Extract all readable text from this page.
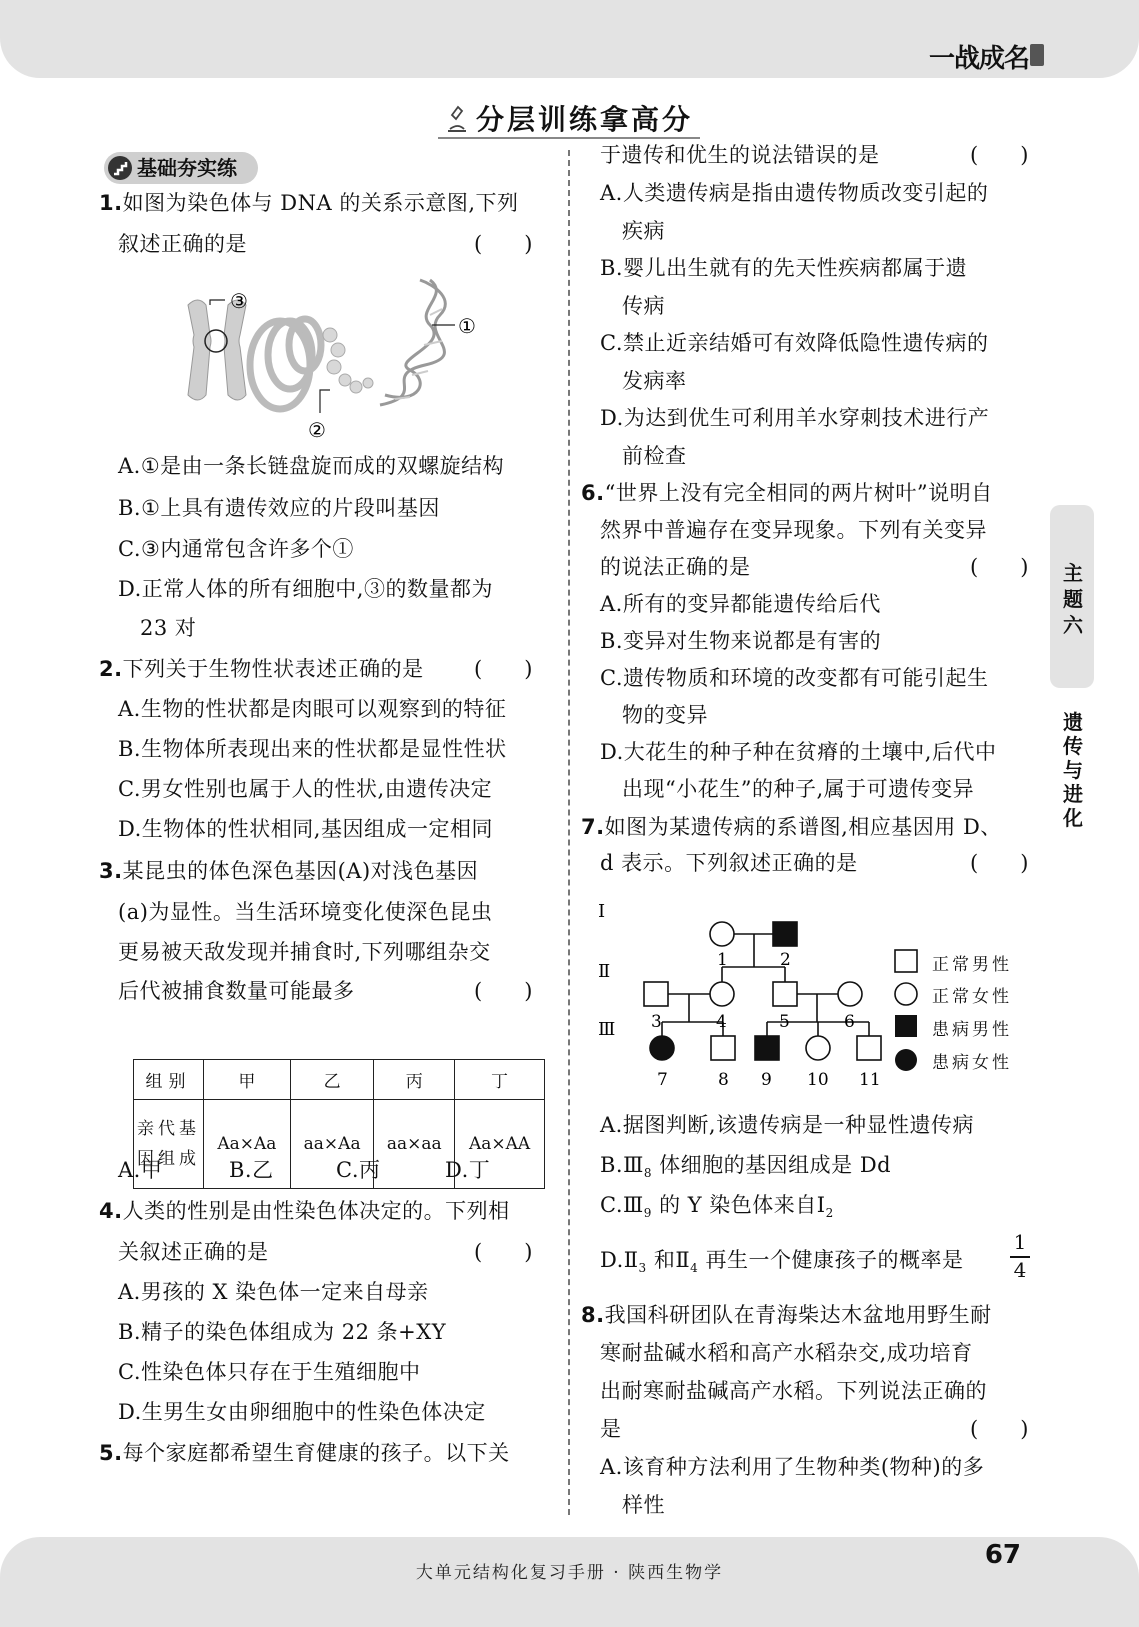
一战成名
大单元结构化复习手册 · 陕西生物学
67
分层训练拿高分
主
题
六
遗
传
与
进
化
基础夯实练
1.如图为染色体与 DNA 的关系示意图,下列
叙述正确的是	(　　)
③
①
②
A.①是由一条长链盘旋而成的双螺旋结构
B.①上具有遗传效应的片段叫基因
C.③内通常包含许多个①
D.正常人体的所有细胞中,③的数量都为
23 对
2.下列关于生物性状表述正确的是 (　　)
A.生物的性状都是肉眼可以观察到的特征
B.生物体所表现出来的性状都是显性性状
C.男女性别也属于人的性状,由遗传决定
D.生物体的性状相同,基因组成一定相同
3.某昆虫的体色深色基因(A)对浅色基因
(a)为显性。当生活环境变化使深色昆虫
更易被天敌发现并捕食时,下列哪组杂交
后代被捕食数量可能最多	(　　)
组别	甲	乙	丙	丁

亲代基
因组成	Aa×Aa	aa×Aa	aa×aa	Aa×AA
A.甲	B.乙	C.丙	D.丁
4.人类的性别是由性染色体决定的。下列相
关叙述正确的是	(　　)
A.男孩的 X 染色体一定来自母亲
B.精子的染色体组成为 22 条+XY
C.性染色体只存在于生殖细胞中
D.生男生女由卵细胞中的性染色体决定
5.每个家庭都希望生育健康的孩子。以下关
于遗传和优生的说法错误的是	(　　)
A.人类遗传病是指由遗传物质改变引起的
疾病
B.婴儿出生就有的先天性疾病都属于遗
传病
C.禁止近亲结婚可有效降低隐性遗传病的
发病率
D.为达到优生可利用羊水穿刺技术进行产
前检查
6.“世界上没有完全相同的两片树叶”说明自
然界中普遍存在变异现象。下列有关变异
的说法正确的是	(　　)
A.所有的变异都能遗传给后代
B.变异对生物来说都是有害的
C.遗传物质和环境的改变都有可能引起生
物的变异
D.大花生的种子种在贫瘠的土壤中,后代中
出现“小花生”的种子,属于可遗传变异
7.如图为某遗传病的系谱图,相应基因用 D、
d 表示。下列叙述正确的是	(　　)
Ⅰ
Ⅱ
Ⅲ
1	2
3	4	5	6
7	8 9 10 11
正常男性
正常女性
患病男性
患病女性
A.据图判断,该遗传病是一种显性遗传病
$B.Ⅲ_8$ 体细胞的基因组成是 Dd
$C.Ⅲ_9$ 的 Y 染色体来自$Ⅰ_2$
$D.Ⅱ_3$ 和$Ⅱ_4$ 再生一个健康孩子的概率是
1
4
8.我国科研团队在青海柴达木盆地用野生耐
寒耐盐碱水稻和高产水稻杂交,成功培育
出耐寒耐盐碱高产水稻。下列说法正确的
是	(　　)
A.该育种方法利用了生物种类(物种)的多
样性
